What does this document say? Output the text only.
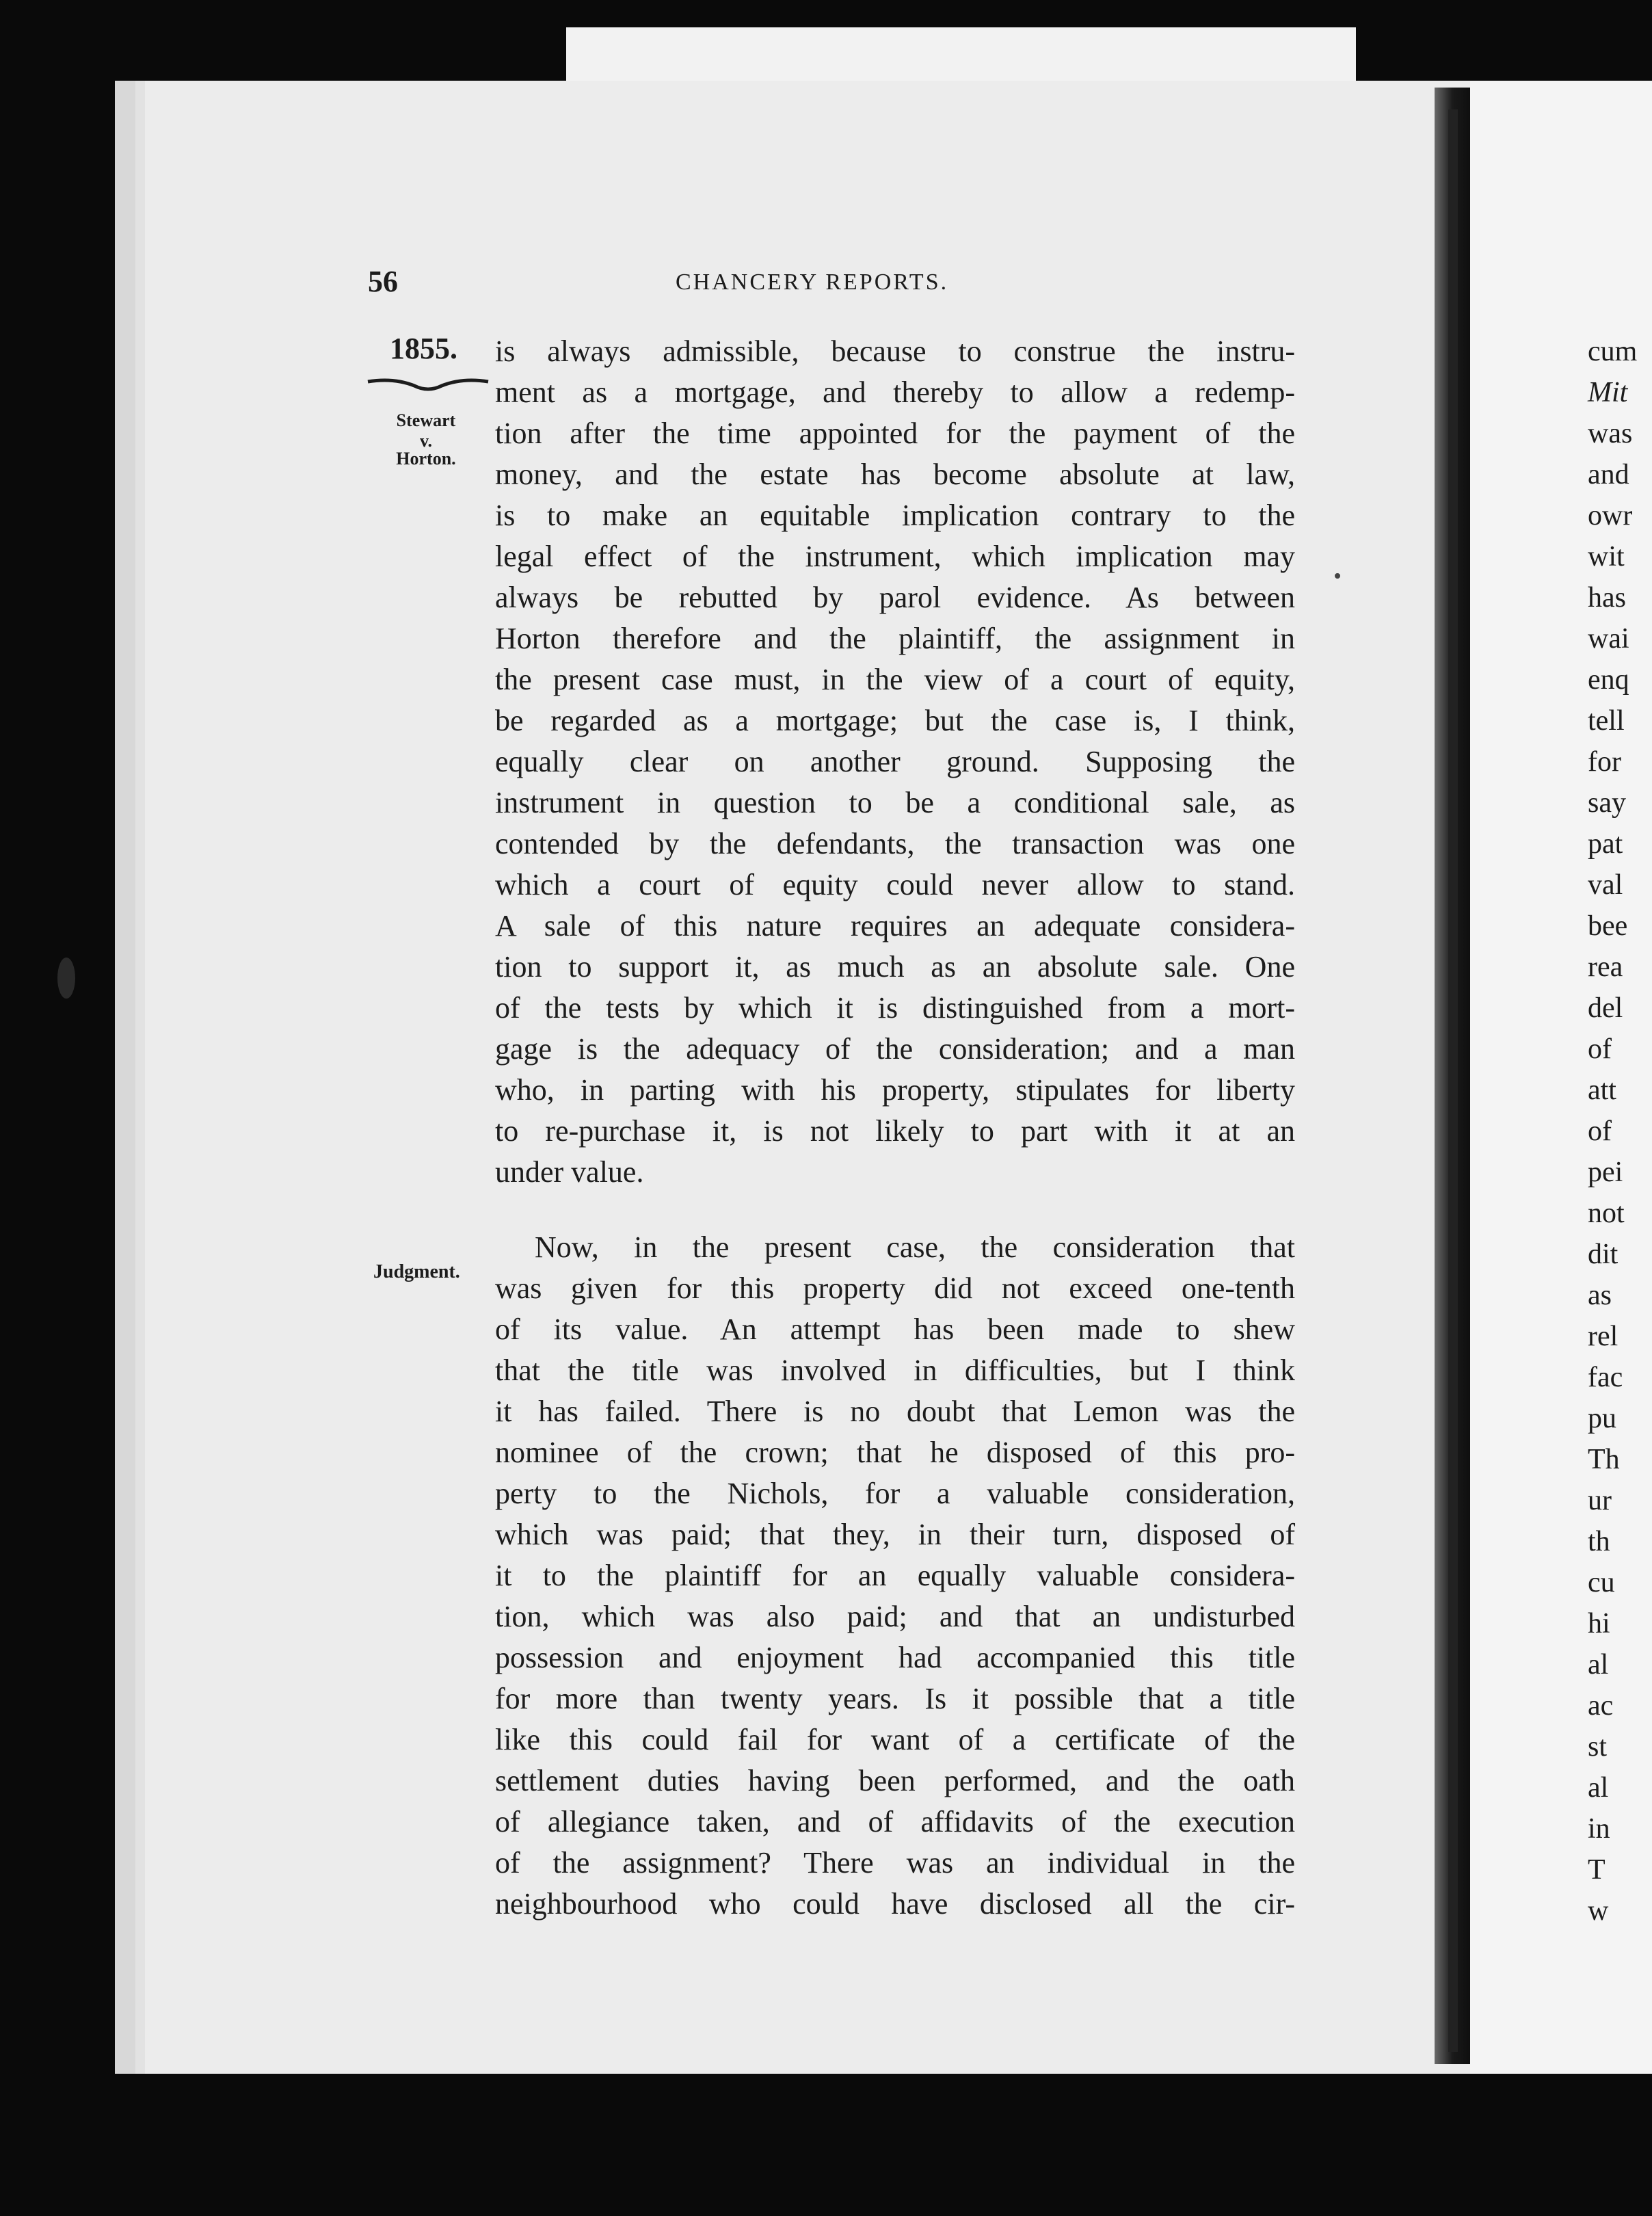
56	CHANCERY REPORTS.
1855.
Stewart
v.
Horton.
Judgment.
is always admissible, because to construe the instru-
ment as a mortgage, and thereby to allow a redemp-
tion after the time appointed for the payment of the
money, and the estate has become absolute at law,
is to make an equitable implication contrary to the
legal effect of the instrument, which implication may
always be rebutted by parol evidence. As between
Horton therefore and the plaintiff, the assignment in
the present case must, in the view of a court of equity,
be regarded as a mortgage; but the case is, I think,
equally clear on another ground. Supposing the
instrument in question to be a conditional sale, as
contended by the defendants, the transaction was one
which a court of equity could never allow to stand.
A sale of this nature requires an adequate considera-
tion to support it, as much as an absolute sale. One
of the tests by which it is distinguished from a mort-
gage is the adequacy of the consideration; and a man
who, in parting with his property, stipulates for liberty
to re-purchase it, is not likely to part with it at an
under value.
Now, in the present case, the consideration that
was given for this property did not exceed one-tenth
of its value. An attempt has been made to shew
that the title was involved in difficulties, but I think
it has failed. There is no doubt that Lemon was the
nominee of the crown; that he disposed of this pro-
perty to the Nichols, for a valuable consideration,
which was paid; that they, in their turn, disposed of
it to the plaintiff for an equally valuable considera-
tion, which was also paid; and that an undisturbed
possession and enjoyment had accompanied this title
for more than twenty years. Is it possible that a title
like this could fail for want of a certificate of the
settlement duties having been performed, and the oath
of allegiance taken, and of affidavits of the execution
of the assignment? There was an individual in the
neighbourhood who could have disclosed all the cir-
cum
Mit
was
and
owr
wit
has
wai
enq
tell
for
say
pat
val
bee
rea
del
of
att
of
pei
not
dit
as
rel
fac
pu
Th
ur
th
cu
hi
al
ac
st
al
in
T
w
